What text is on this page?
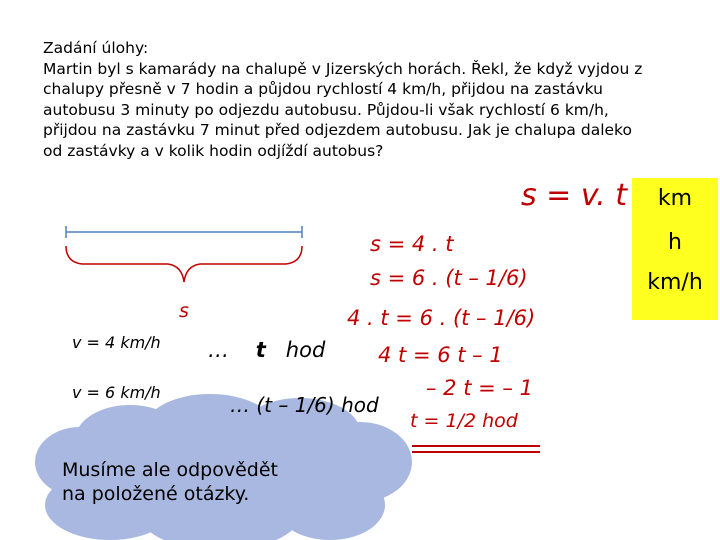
Zadání úlohy:
Martin byl s kamarády na chalupě v Jizerských horách. Řekl, že když vyjdou z
chalupy přesně v 7 hodin a půjdou rychlostí 4 km/h, přijdou na zastávku
autobusu 3 minuty po odjezdu autobusu. Půjdou-li však rychlostí 6 km/h,
přijdou na zastávku 7 minut před odjezdem autobusu. Jak je chalupa daleko
od zastávky a v kolik hodin odjíždí autobus?
s = v. t	km
h
km/h
s
v = 4 km/h
v = 6 km/h
… t hod
… (t – 1/6) hod
s = 4 . t
s = 6 . (t – 1/6)
4 . t = 6 . (t – 1/6)
4 t = 6 t – 1
– 2 t = – 1
t = 1/2 hod
Musíme ale odpovědět
na položené otázky.
